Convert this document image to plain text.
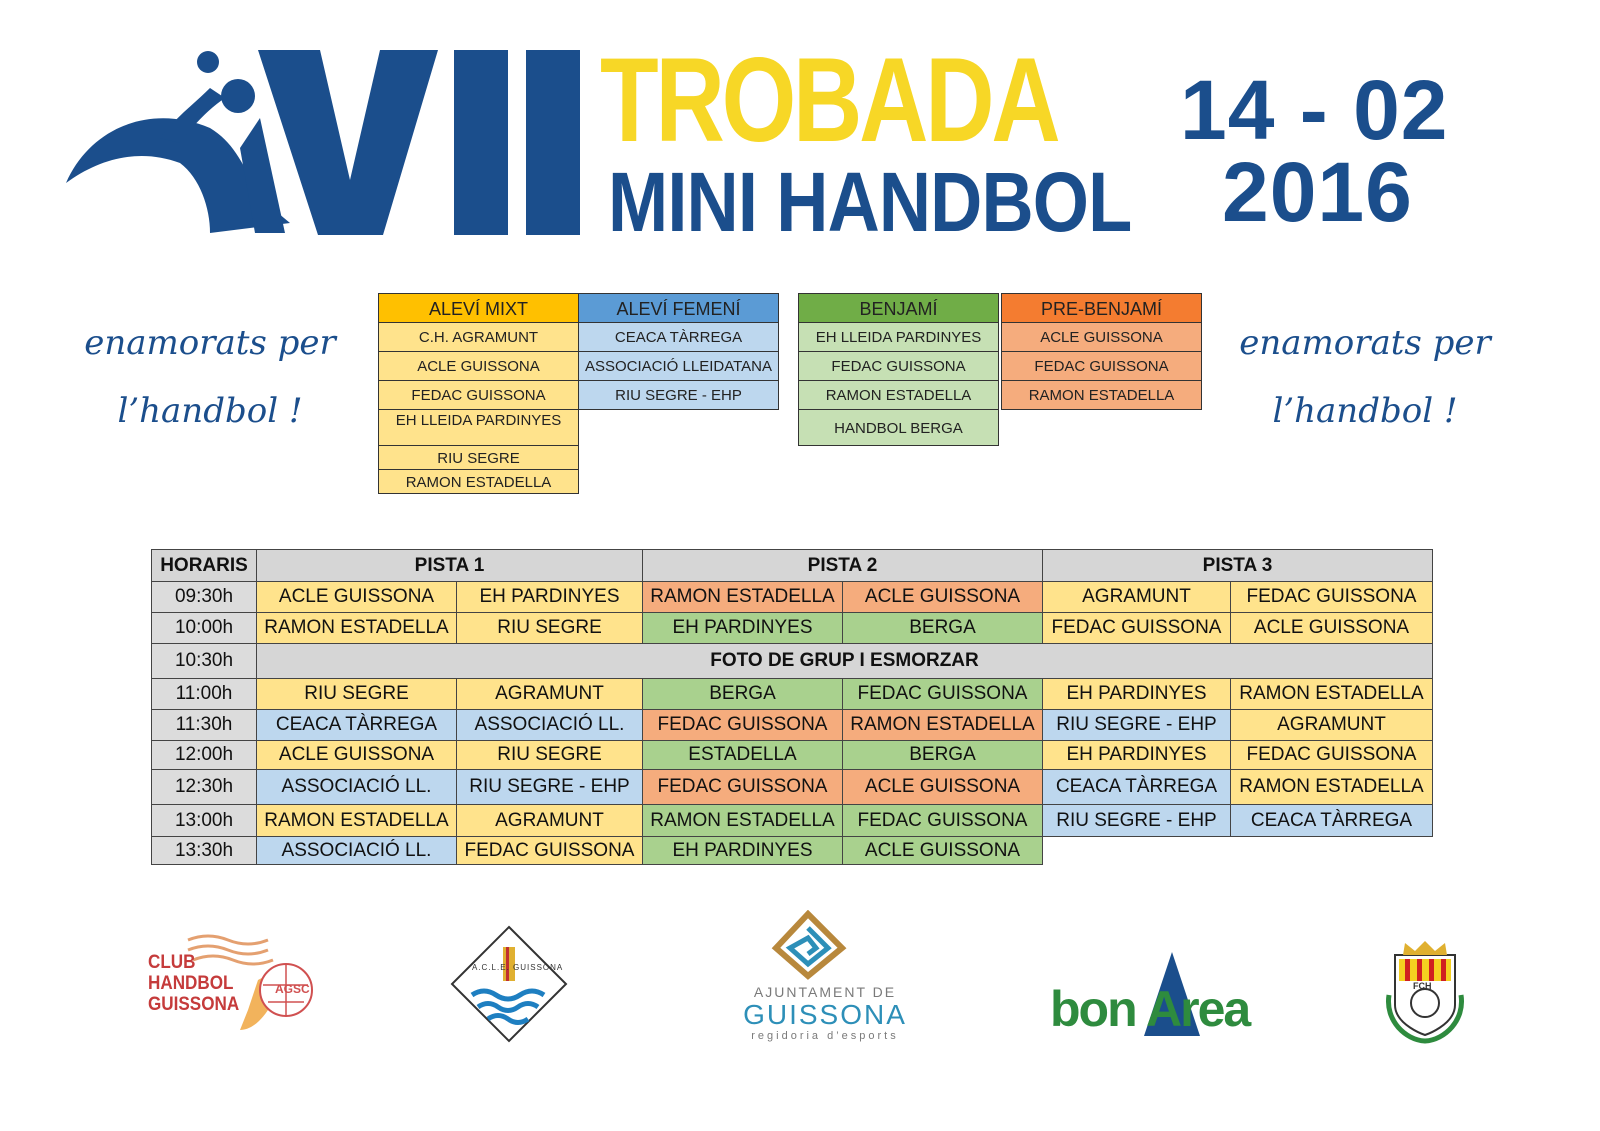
TROBADA
MINI HANDBOL
14 - 02
2016
enamorats per
l’handbol !
enamorats per
l’handbol !
ALEVÍ MIXT
C.H. AGRAMUNT
ACLE GUISSONA
FEDAC GUISSONA
EH LLEIDA PARDINYES
RIU SEGRE
RAMON ESTADELLA
ALEVÍ FEMENÍ
CEACA TÀRREGA
ASSOCIACIÓ LLEIDATANA
RIU SEGRE - EHP
BENJAMÍ
EH LLEIDA PARDINYES
FEDAC GUISSONA
RAMON ESTADELLA
HANDBOL BERGA
PRE-BENJAMÍ
ACLE GUISSONA
FEDAC GUISSONA
RAMON ESTADELLA
HORARIS	PISTA 1		PISTA 2		PISTA 3	
09:30h	ACLE GUISSONA	EH PARDINYES	RAMON ESTADELLA	ACLE GUISSONA	AGRAMUNT	FEDAC GUISSONA
10:00h	RAMON ESTADELLA	RIU SEGRE	EH PARDINYES	BERGA	FEDAC GUISSONA	ACLE GUISSONA
10:30h	FOTO DE GRUP I ESMORZAR					
11:00h	RIU SEGRE	AGRAMUNT	BERGA	FEDAC GUISSONA	EH PARDINYES	RAMON ESTADELLA
11:30h	CEACA TÀRREGA	ASSOCIACIÓ LL.	FEDAC GUISSONA	RAMON ESTADELLA	RIU SEGRE - EHP	AGRAMUNT
12:00h	ACLE GUISSONA	RIU SEGRE	ESTADELLA	BERGA	EH PARDINYES	FEDAC GUISSONA
12:30h	ASSOCIACIÓ LL.	RIU SEGRE - EHP	FEDAC GUISSONA	ACLE GUISSONA	CEACA TÀRREGA	RAMON ESTADELLA
13:00h	RAMON ESTADELLA	AGRAMUNT	RAMON ESTADELLA	FEDAC GUISSONA	RIU SEGRE - EHP	CEACA TÀRREGA
13:30h	ASSOCIACIÓ LL.	FEDAC GUISSONA	EH PARDINYES	ACLE GUISSONA		
CLUB
HANDBOL
GUISSONA
AGSC
A.C.L.E. GUISSONA
AJUNTAMENT DE
GUISSONA
regidoria d’esports	bon Area	FCH
